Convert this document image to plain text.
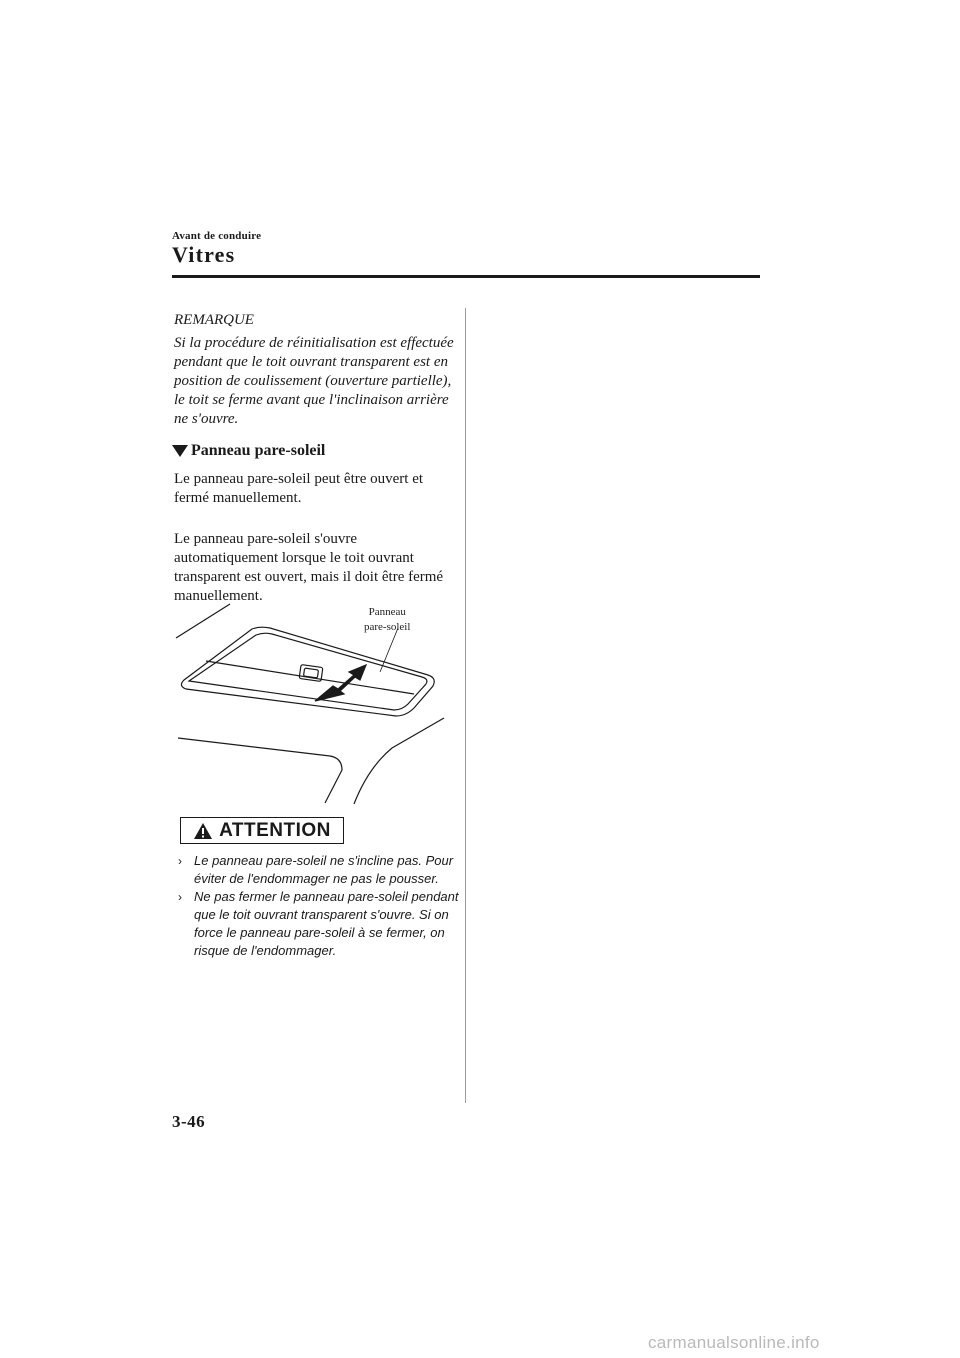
Avant de conduire
Vitres
REMARQUE
Si la procédure de réinitialisation est effectuée pendant que le toit ouvrant transparent est en position de coulissement (ouverture partielle), le toit se ferme avant que l'inclinaison arrière ne s'ouvre.
Panneau pare-soleil
Le panneau pare-soleil peut être ouvert et fermé manuellement.
Le panneau pare-soleil s'ouvre automatiquement lorsque le toit ouvrant transparent est ouvert, mais il doit être fermé manuellement.
Panneau
pare-soleil
ATTENTION
› Le panneau pare-soleil ne s'incline pas. Pour éviter de l'endommager ne pas le pousser.
› Ne pas fermer le panneau pare-soleil pendant que le toit ouvrant transparent s'ouvre. Si on force le panneau pare-soleil à se fermer, on risque de l'endommager.
3-46
carmanualsonline.info
